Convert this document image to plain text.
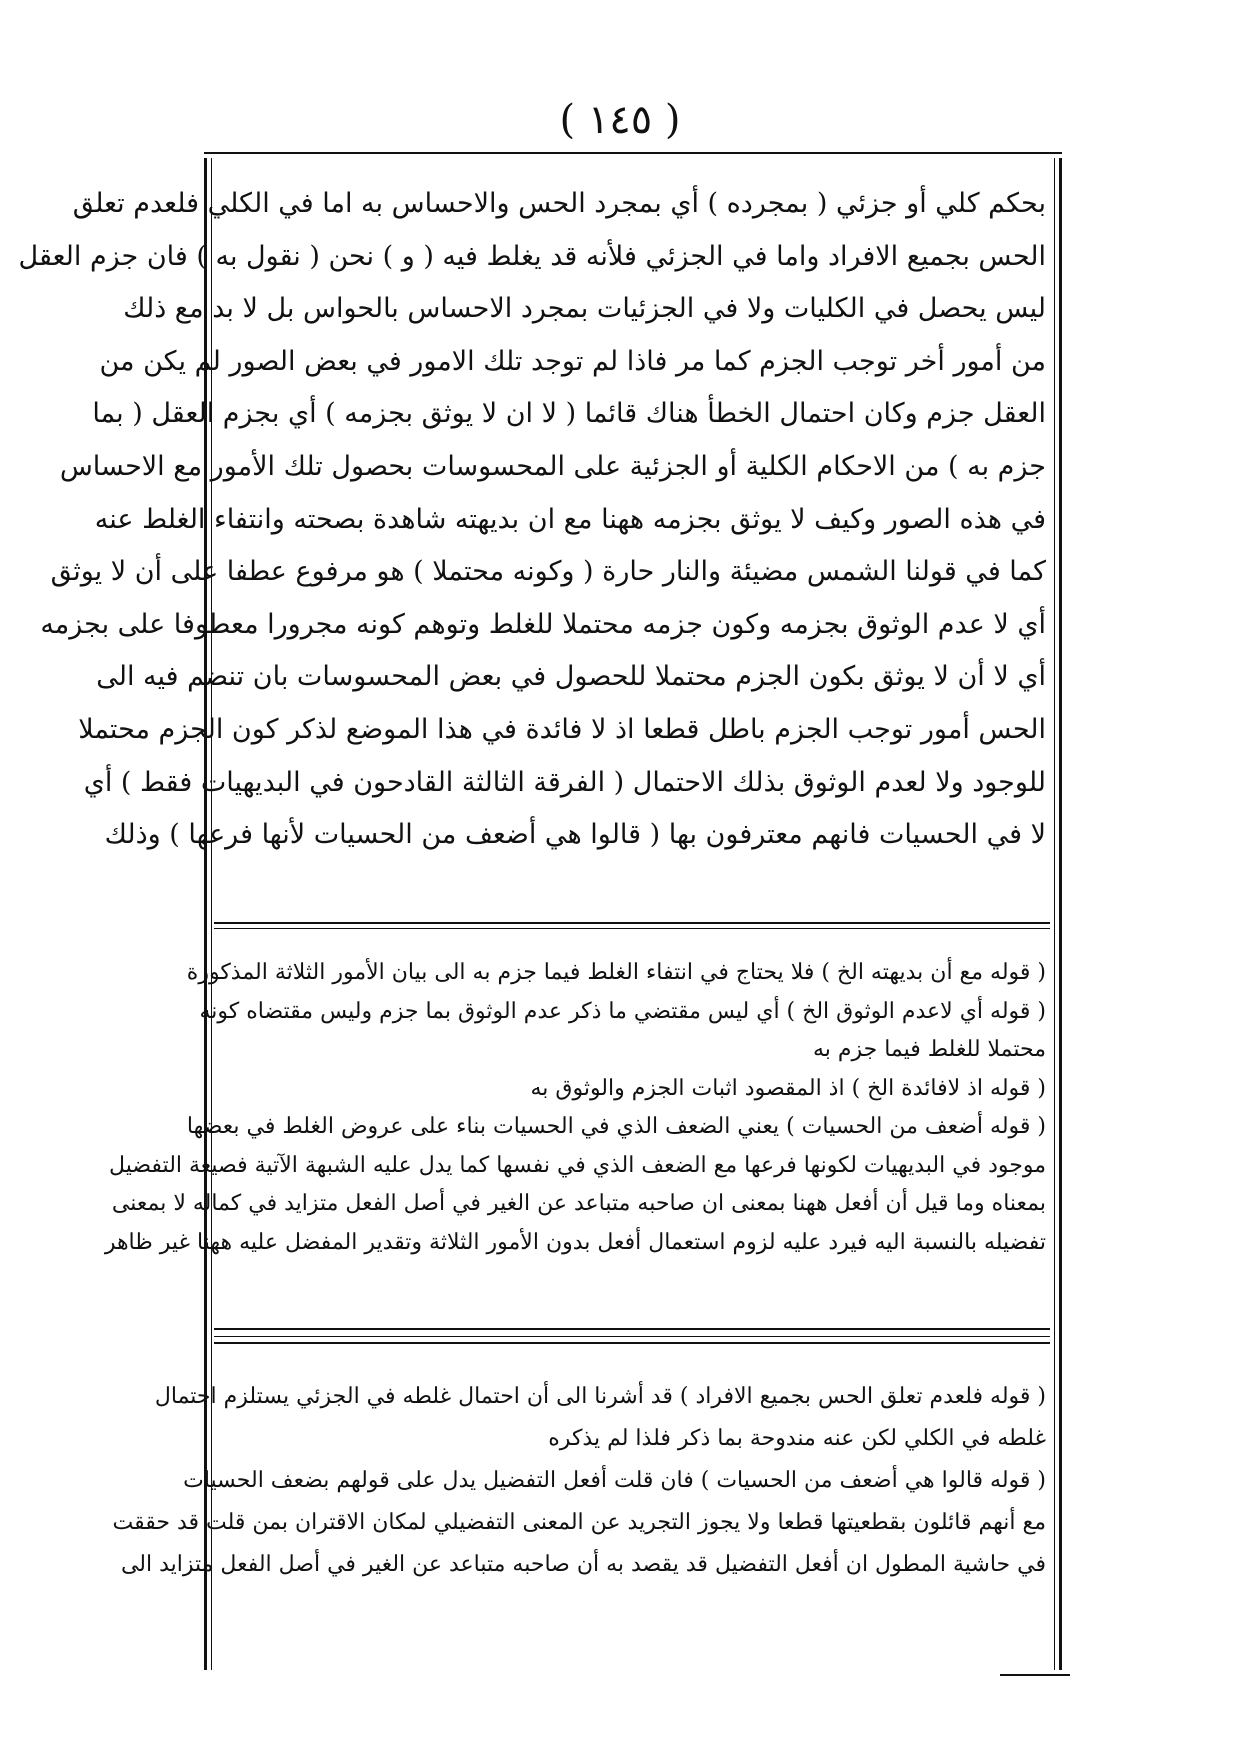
( ١٤٥ )
بحكم كلي أو جزئي ( بمجرده ) أي بمجرد الحس والاحساس به اما في الكلي فلعدم تعلق
الحس بجميع الافراد واما في الجزئي فلأنه قد يغلط فيه ( و ) نحن ( نقول به ) فان جزم العقل
ليس يحصل في الكليات ولا في الجزئيات بمجرد الاحساس بالحواس بل لا بد مع ذلك
من أمور أخر توجب الجزم كما مر فاذا لم توجد تلك الامور في بعض الصور لم يكن من
العقل جزم وكان احتمال الخطأ هناك قائما ( لا ان لا يوثق بجزمه ) أي بجزم العقل ( بما
جزم به ) من الاحكام الكلية أو الجزئية على المحسوسات بحصول تلك الأمور مع الاحساس
في هذه الصور وكيف لا يوثق بجزمه ههنا مع ان بديهته شاهدة بصحته وانتفاء الغلط عنه
كما في قولنا الشمس مضيئة والنار حارة ( وكونه محتملا ) هو مرفوع عطفا على أن لا يوثق
أي لا عدم الوثوق بجزمه وكون جزمه محتملا للغلط وتوهم كونه مجرورا معطوفا على بجزمه
أي لا أن لا يوثق بكون الجزم محتملا للحصول في بعض المحسوسات بان تنضم فيه الى
الحس أمور توجب الجزم باطل قطعا اذ لا فائدة في هذا الموضع لذكر كون الجزم محتملا
للوجود ولا لعدم الوثوق بذلك الاحتمال ( الفرقة الثالثة القادحون في البديهيات فقط ) أي
لا في الحسيات فانهم معترفون بها ( قالوا هي أضعف من الحسيات لأنها فرعها ) وذلك
( قوله مع أن بديهته الخ ) فلا يحتاج في انتفاء الغلط فيما جزم به الى بيان الأمور الثلاثة المذكورة
( قوله أي لاعدم الوثوق الخ ) أي ليس مقتضي ما ذكر عدم الوثوق بما جزم وليس مقتضاه كونه
محتملا للغلط فيما جزم به
( قوله اذ لافائدة الخ ) اذ المقصود اثبات الجزم والوثوق به
( قوله أضعف من الحسيات ) يعني الضعف الذي في الحسيات بناء على عروض الغلط في بعضها
موجود في البديهيات لكونها فرعها مع الضعف الذي في نفسها كما يدل عليه الشبهة الآتية فصيغة التفضيل
بمعناه وما قيل أن أفعل ههنا بمعنى ان صاحبه متباعد عن الغير في أصل الفعل متزايد في كماله لا بمعنى
تفضيله بالنسبة اليه فيرد عليه لزوم استعمال أفعل بدون الأمور الثلاثة وتقدير المفضل عليه ههنا غير ظاهر
( قوله فلعدم تعلق الحس بجميع الافراد ) قد أشرنا الى أن احتمال غلطه في الجزئي يستلزم احتمال
غلطه في الكلي لكن عنه مندوحة بما ذكر فلذا لم يذكره
( قوله قالوا هي أضعف من الحسيات ) فان قلت أفعل التفضيل يدل على قولهم بضعف الحسيات
مع أنهم قائلون بقطعيتها قطعا ولا يجوز التجريد عن المعنى التفضيلي لمكان الاقتران بمن قلت قد حققت
في حاشية المطول ان أفعل التفضيل قد يقصد به أن صاحبه متباعد عن الغير في أصل الفعل متزايد الى
